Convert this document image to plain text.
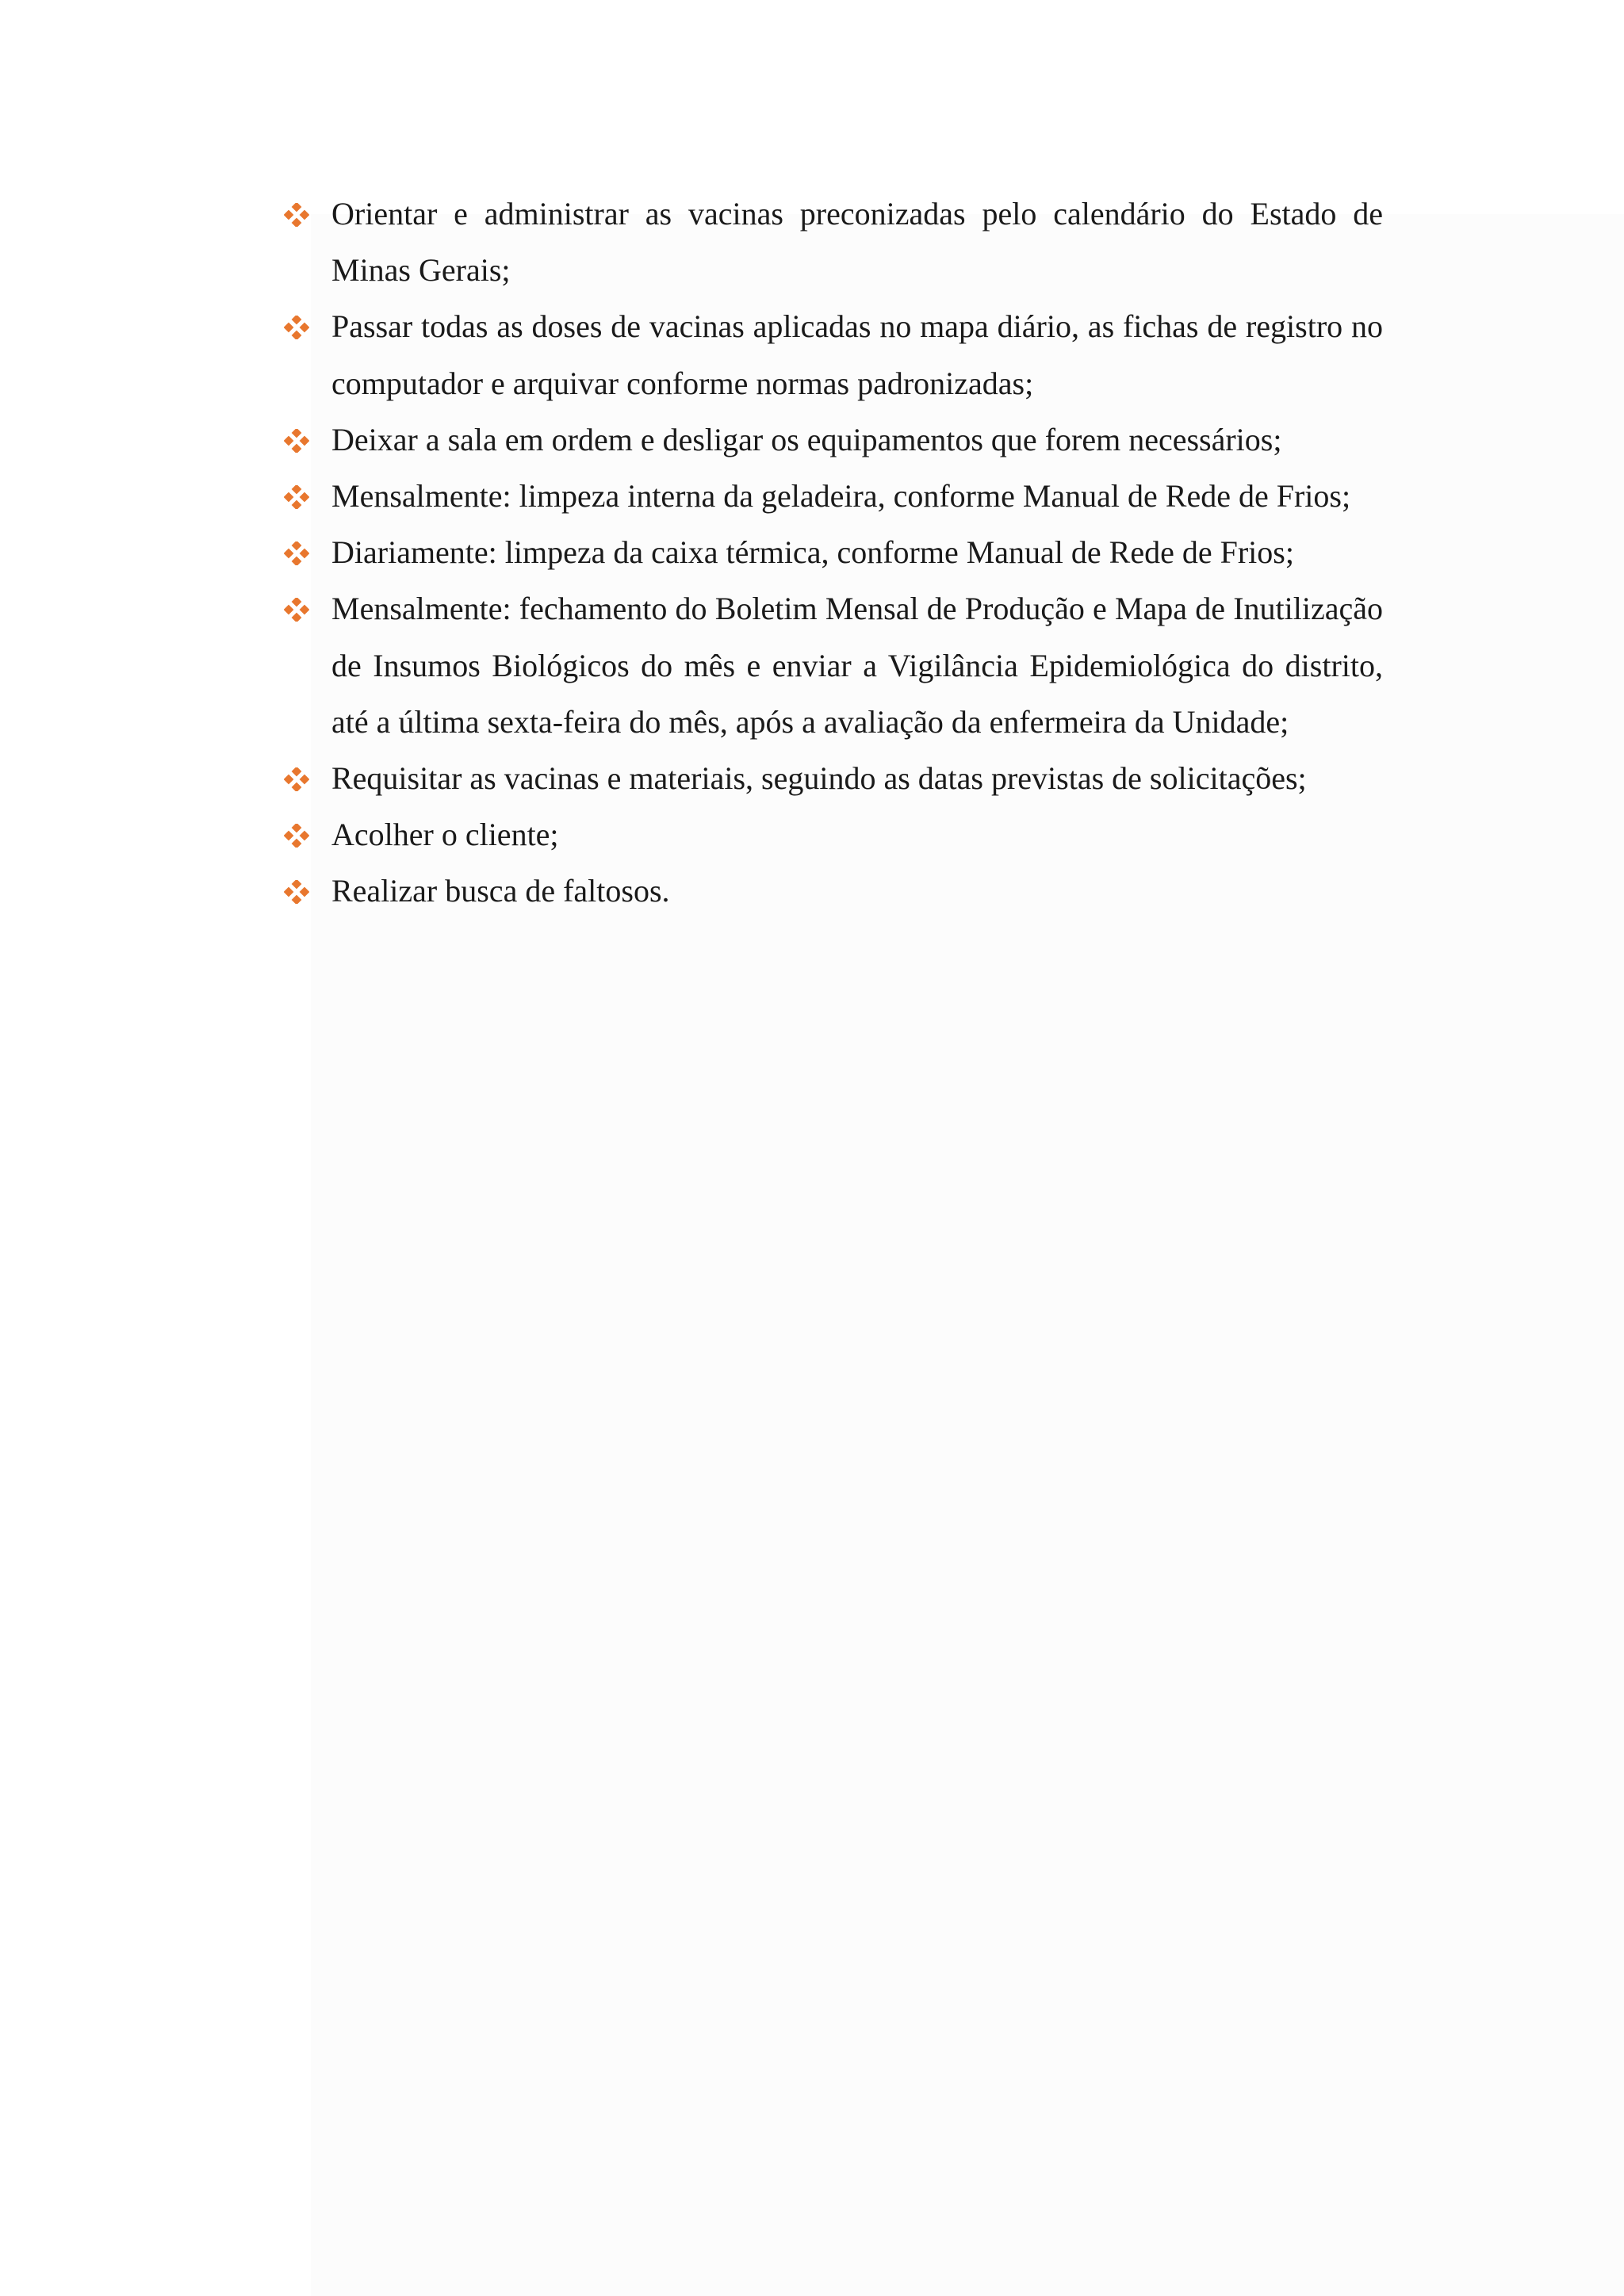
Orientar e administrar as vacinas preconizadas pelo calendário do Estado de Minas Gerais;
Passar todas as doses de vacinas aplicadas no mapa diário, as fichas de registro no computador e arquivar conforme normas padronizadas;
Deixar a sala em ordem e desligar os equipamentos que forem necessários;
Mensalmente: limpeza interna da geladeira, conforme Manual de Rede de Frios;
Diariamente: limpeza da caixa térmica, conforme Manual de Rede de Frios;
Mensalmente: fechamento do Boletim Mensal de Produção e Mapa de Inutilização de Insumos Biológicos do mês e enviar a Vigilância Epidemiológica do distrito, até a última sexta-feira do mês, após a avaliação da enfermeira da Unidade;
Requisitar as vacinas e materiais, seguindo as datas previstas de solicitações;
Acolher o cliente;
Realizar busca de faltosos.
